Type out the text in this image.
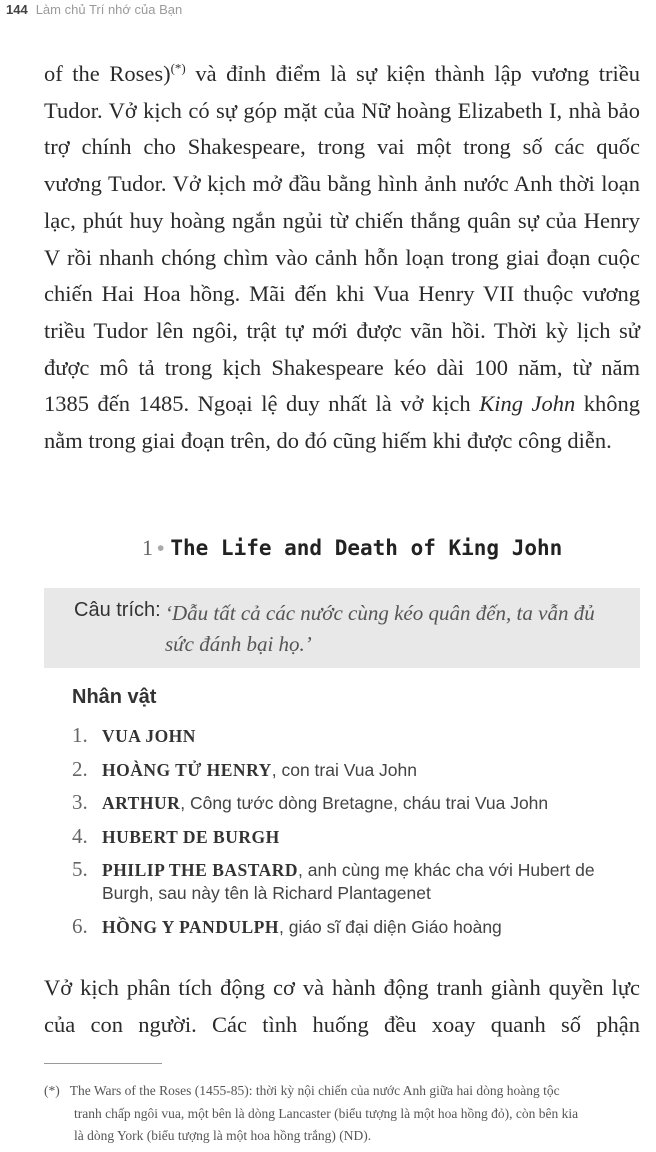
144 Làm chủ Trí nhớ của Bạn
of the Roses)(*) và đỉnh điểm là sự kiện thành lập vương triều Tudor. Vở kịch có sự góp mặt của Nữ hoàng Elizabeth I, nhà bảo trợ chính cho Shakespeare, trong vai một trong số các quốc vương Tudor. Vở kịch mở đầu bằng hình ảnh nước Anh thời loạn lạc, phút huy hoàng ngắn ngủi từ chiến thắng quân sự của Henry V rồi nhanh chóng chìm vào cảnh hỗn loạn trong giai đoạn cuộc chiến Hai Hoa hồng. Mãi đến khi Vua Henry VII thuộc vương triều Tudor lên ngôi, trật tự mới được vãn hồi. Thời kỳ lịch sử được mô tả trong kịch Shakespeare kéo dài 100 năm, từ năm 1385 đến 1485. Ngoại lệ duy nhất là vở kịch King John không nằm trong giai đoạn trên, do đó cũng hiếm khi được công diễn.
1 • The Life and Death of King John
Câu trích: ‘Dẫu tất cả các nước cùng kéo quân đến, ta vẫn đủ sức đánh bại họ.’
Nhân vật
1. VUA JOHN
2. HOÀNG TỬ HENRY, con trai Vua John
3. ARTHUR, Công tước dòng Bretagne, cháu trai Vua John
4. HUBERT DE BURGH
5. PHILIP THE BASTARD, anh cùng mẹ khác cha với Hubert de Burgh, sau này tên là Richard Plantagenet
6. HỒNG Y PANDULPH, giáo sĩ đại diện Giáo hoàng
Vở kịch phân tích động cơ và hành động tranh giành quyền lực của con người. Các tình huống đều xoay quanh số phận
(*) The Wars of the Roses (1455-85): thời kỳ nội chiến của nước Anh giữa hai dòng hoàng tộc
tranh chấp ngôi vua, một bên là dòng Lancaster (biểu tượng là một hoa hồng đỏ), còn bên kia
là dòng York (biểu tượng là một hoa hồng trắng) (ND).
